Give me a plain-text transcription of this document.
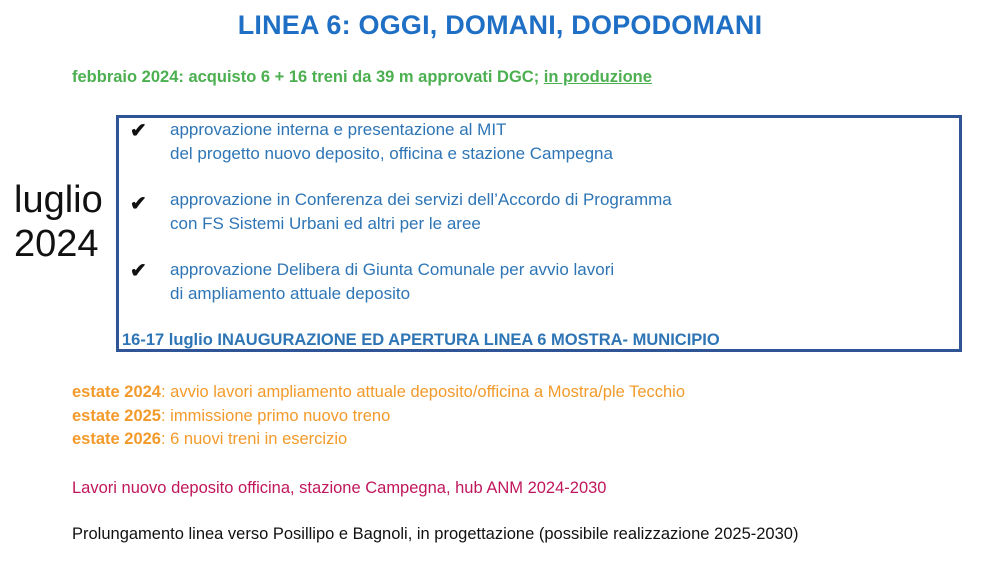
LINEA 6: OGGI, DOMANI, DOPODOMANI
febbraio 2024: acquisto 6 + 16 treni da 39 m approvati DGC; in produzione
luglio
2024
✔ approvazione interna e presentazione al MIT
del progetto nuovo deposito, officina e stazione Campegna
✔ approvazione in Conferenza dei servizi dell’Accordo di Programma
con FS Sistemi Urbani ed altri per le aree
✔ approvazione Delibera di Giunta Comunale per avvio lavori
di ampliamento attuale deposito
16-17 luglio INAUGURAZIONE ED APERTURA LINEA 6 MOSTRA- MUNICIPIO
estate 2024: avvio lavori ampliamento attuale deposito/officina a Mostra/ple Tecchio
estate 2025: immissione primo nuovo treno
estate 2026: 6 nuovi treni in esercizio
Lavori nuovo deposito officina, stazione Campegna, hub ANM 2024-2030
Prolungamento linea verso Posillipo e Bagnoli, in progettazione (possibile realizzazione 2025-2030)
